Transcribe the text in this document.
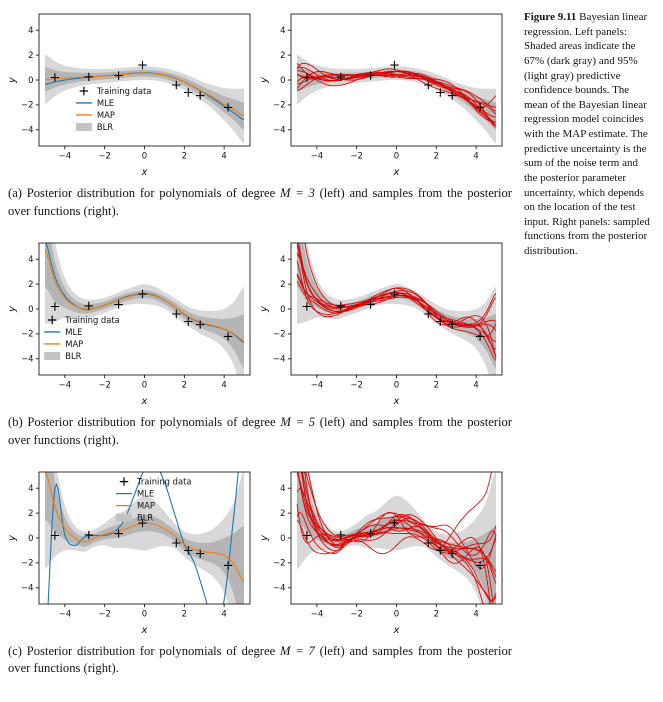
−4	−2	0	2	4
−4
−2
0
2
4
x
y
Training data
MLE
MAP
BLR
−4	−2	0	2	4
−4
−2
0
2
4
x
y

(a) Posterior distribution for polynomials of degree M = 3 (left) and samples from the posterior over functions (right).

−4	−2	0	2	4
−4
−2
0
2
4
x
y
Training data
MLE
MAP
BLR
−4	−2	0	2	4
−4
−2
0
2
4
x
y

(b) Posterior distribution for polynomials of degree M = 5 (left) and samples from the posterior over functions (right).

−4	−2	0	2	4
−4
−2
0
2
4
x
y
Training data
MLE
MAP
BLR
−4	−2	0	2	4
−4
−2
0
2
4
x
y

(c) Posterior distribution for polynomials of degree M = 7 (left) and samples from the posterior over functions (right).

Figure 9.11 Bayesian linear regression. Left panels: Shaded areas indicate the 67% (dark gray) and 95% (light gray) predictive confidence bounds. The mean of the Bayesian linear regression model coincides with the MAP estimate. The predictive uncertainty is the sum of the noise term and the posterior parameter uncertainty, which depends on the location of the test input. Right panels: sampled functions from the posterior distribution.
